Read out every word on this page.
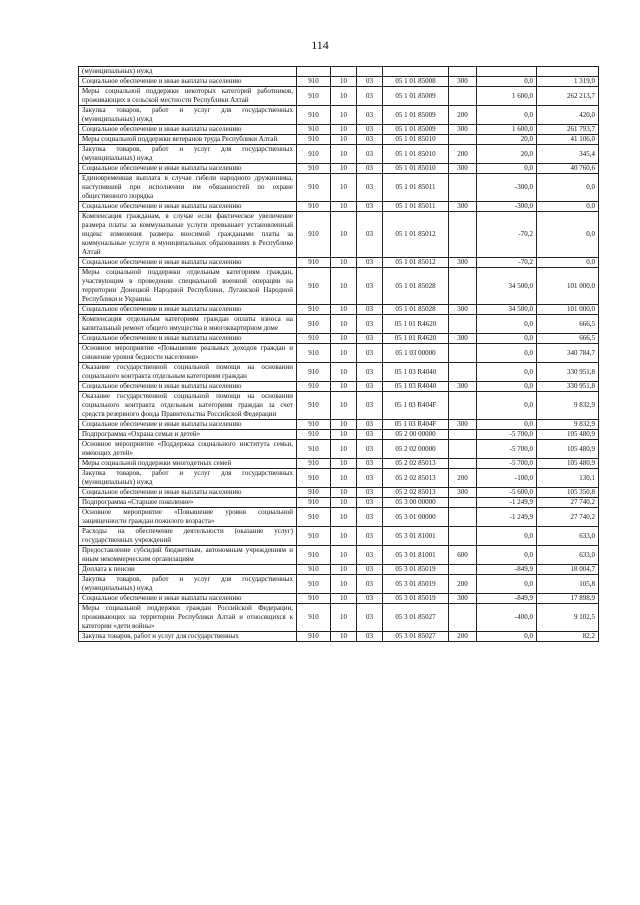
114
(муниципальных) нужд							
Социальное обеспечение и иные выплаты населению	910	10	03	05 1 01 85008	300	0,0	1 319,0
Меры социальной поддержки некоторых категорий работников, проживающих в сельской местности Республики Алтай	910	10	03	05 1 01 85009		1 600,0	262 213,7
Закупка товаров, работ и услуг для государственных (муниципальных) нужд	910	10	03	05 1 01 85009	200	0,0	420,0
Социальное обеспечение и иные выплаты населению	910	10	03	05 1 01 85009	300	1 600,0	261 793,7
Меры социальной поддержки ветеранов труда Республики Алтай	910	10	03	05 1 01 85010		20,0	41 106,0
Закупка товаров, работ и услуг для государственных (муниципальных) нужд	910	10	03	05 1 01 85010	200	20,0	345,4
Социальное обеспечение и иные выплаты населению	910	10	03	05 1 01 85010	300	0,0	40 760,6
Единовременная выплата в случае гибели народного дружинника, наступившей при исполнении им обязанностей по охране общественного порядка	910	10	03	05 1 01 85011		-300,0	0,0
Социальное обеспечение и иные выплаты населению	910	10	03	05 1 01 85011	300	-300,0	0,0
Компенсация гражданам, в случае если фактическое увеличение размера платы за коммунальные услуги превышает установленный индекс изменения размера вносимой гражданами платы за коммунальные услуги в муниципальных образованиях в Республике Алтай	910	10	03	05 1 01 85012		-70,2	0,0
Социальное обеспечение и иные выплаты населению	910	10	03	05 1 01 85012	300	-70,2	0,0
Меры социальной поддержки отдельным категориям граждан, участвующим в проведении специальной военной операции на территории Донецкой Народной Республики, Луганской Народной Республики и Украины	910	10	03	05 1 01 85028		34 500,0	101 000,0
Социальное обеспечение и иные выплаты населению	910	10	03	05 1 01 85028	300	34 500,0	101 000,0
Компенсация отдельным категориям граждан оплаты взноса на капитальный ремонт общего имущества в многоквартирном доме	910	10	03	05 1 01 R4620		0,0	666,5
Социальное обеспечение и иные выплаты населению	910	10	03	05 1 01 R4620	300	0,0	666,5
Основное мероприятие «Повышение реальных доходов граждан и снижение уровня бедности населения»	910	10	03	05 1 03 00000		0,0	340 784,7
Оказание государственной социальной помощи на основании социального контракта отдельным категориям граждан	910	10	03	05 1 03 R4040		0,0	330 951,8
Социальное обеспечение и иные выплаты населению	910	10	03	05 1 03 R4040	300	0,0	330 951,8
Оказание государственной социальной помощи на основании социального контракта отдельным категориям граждан за счет средств резервного фонда Правительства Российской Федерации	910	10	03	05 1 03 R404F		0,0	9 832,9
Социальное обеспечение и иные выплаты населению	910	10	03	05 1 03 R404F	300	0,0	9 832,9
Подпрограмма «Охрана семьи и детей»	910	10	03	05 2 00 00000		-5 700,0	105 480,9
Основное мероприятие «Поддержка социального института семьи, имеющих детей»	910	10	03	05 2 02 00000		-5 700,0	105 480,9
Меры социальной поддержки многодетных семей	910	10	03	05 2 02 85013		-5 700,0	105 480,9
Закупка товаров, работ и услуг для государственных (муниципальных) нужд	910	10	03	05 2 02 85013	200	-100,0	130,1
Социальное обеспечение и иные выплаты населению	910	10	03	05 2 02 85013	300	-5 600,0	105 350,8
Подпрограмма «Старшее поколение»	910	10	03	05 3 00 00000		-1 249,9	27 740,2
Основное мероприятие «Повышение уровня социальной защищенности граждан пожилого возраста»	910	10	03	05 3 01 00000		-1 249,9	27 740,2
Расходы на обеспечение деятельности (оказание услуг) государственных учреждений	910	10	03	05 3 01 81001		0,0	633,0
Предоставление субсидий бюджетным, автономным учреждениям и иным некоммерческим организациям	910	10	03	05 3 01 81001	600	0,0	633,0
Доплата к пенсии	910	10	03	05 3 01 85019		-849,9	18 004,7
Закупка товаров, работ и услуг для государственных (муниципальных) нужд	910	10	03	05 3 01 85019	200	0,0	105,8
Социальное обеспечение и иные выплаты населению	910	10	03	05 3 01 85019	300	-849,9	17 898,9
Меры социальной поддержки граждан Российской Федерации, проживающих на территории Республики Алтай и относящихся к категории «дети войны»	910	10	03	05 3 01 85027		-400,0	9 102,5
Закупка товаров, работ и услуг для государственных	910	10	03	05 3 01 85027	200	0,0	82,2
